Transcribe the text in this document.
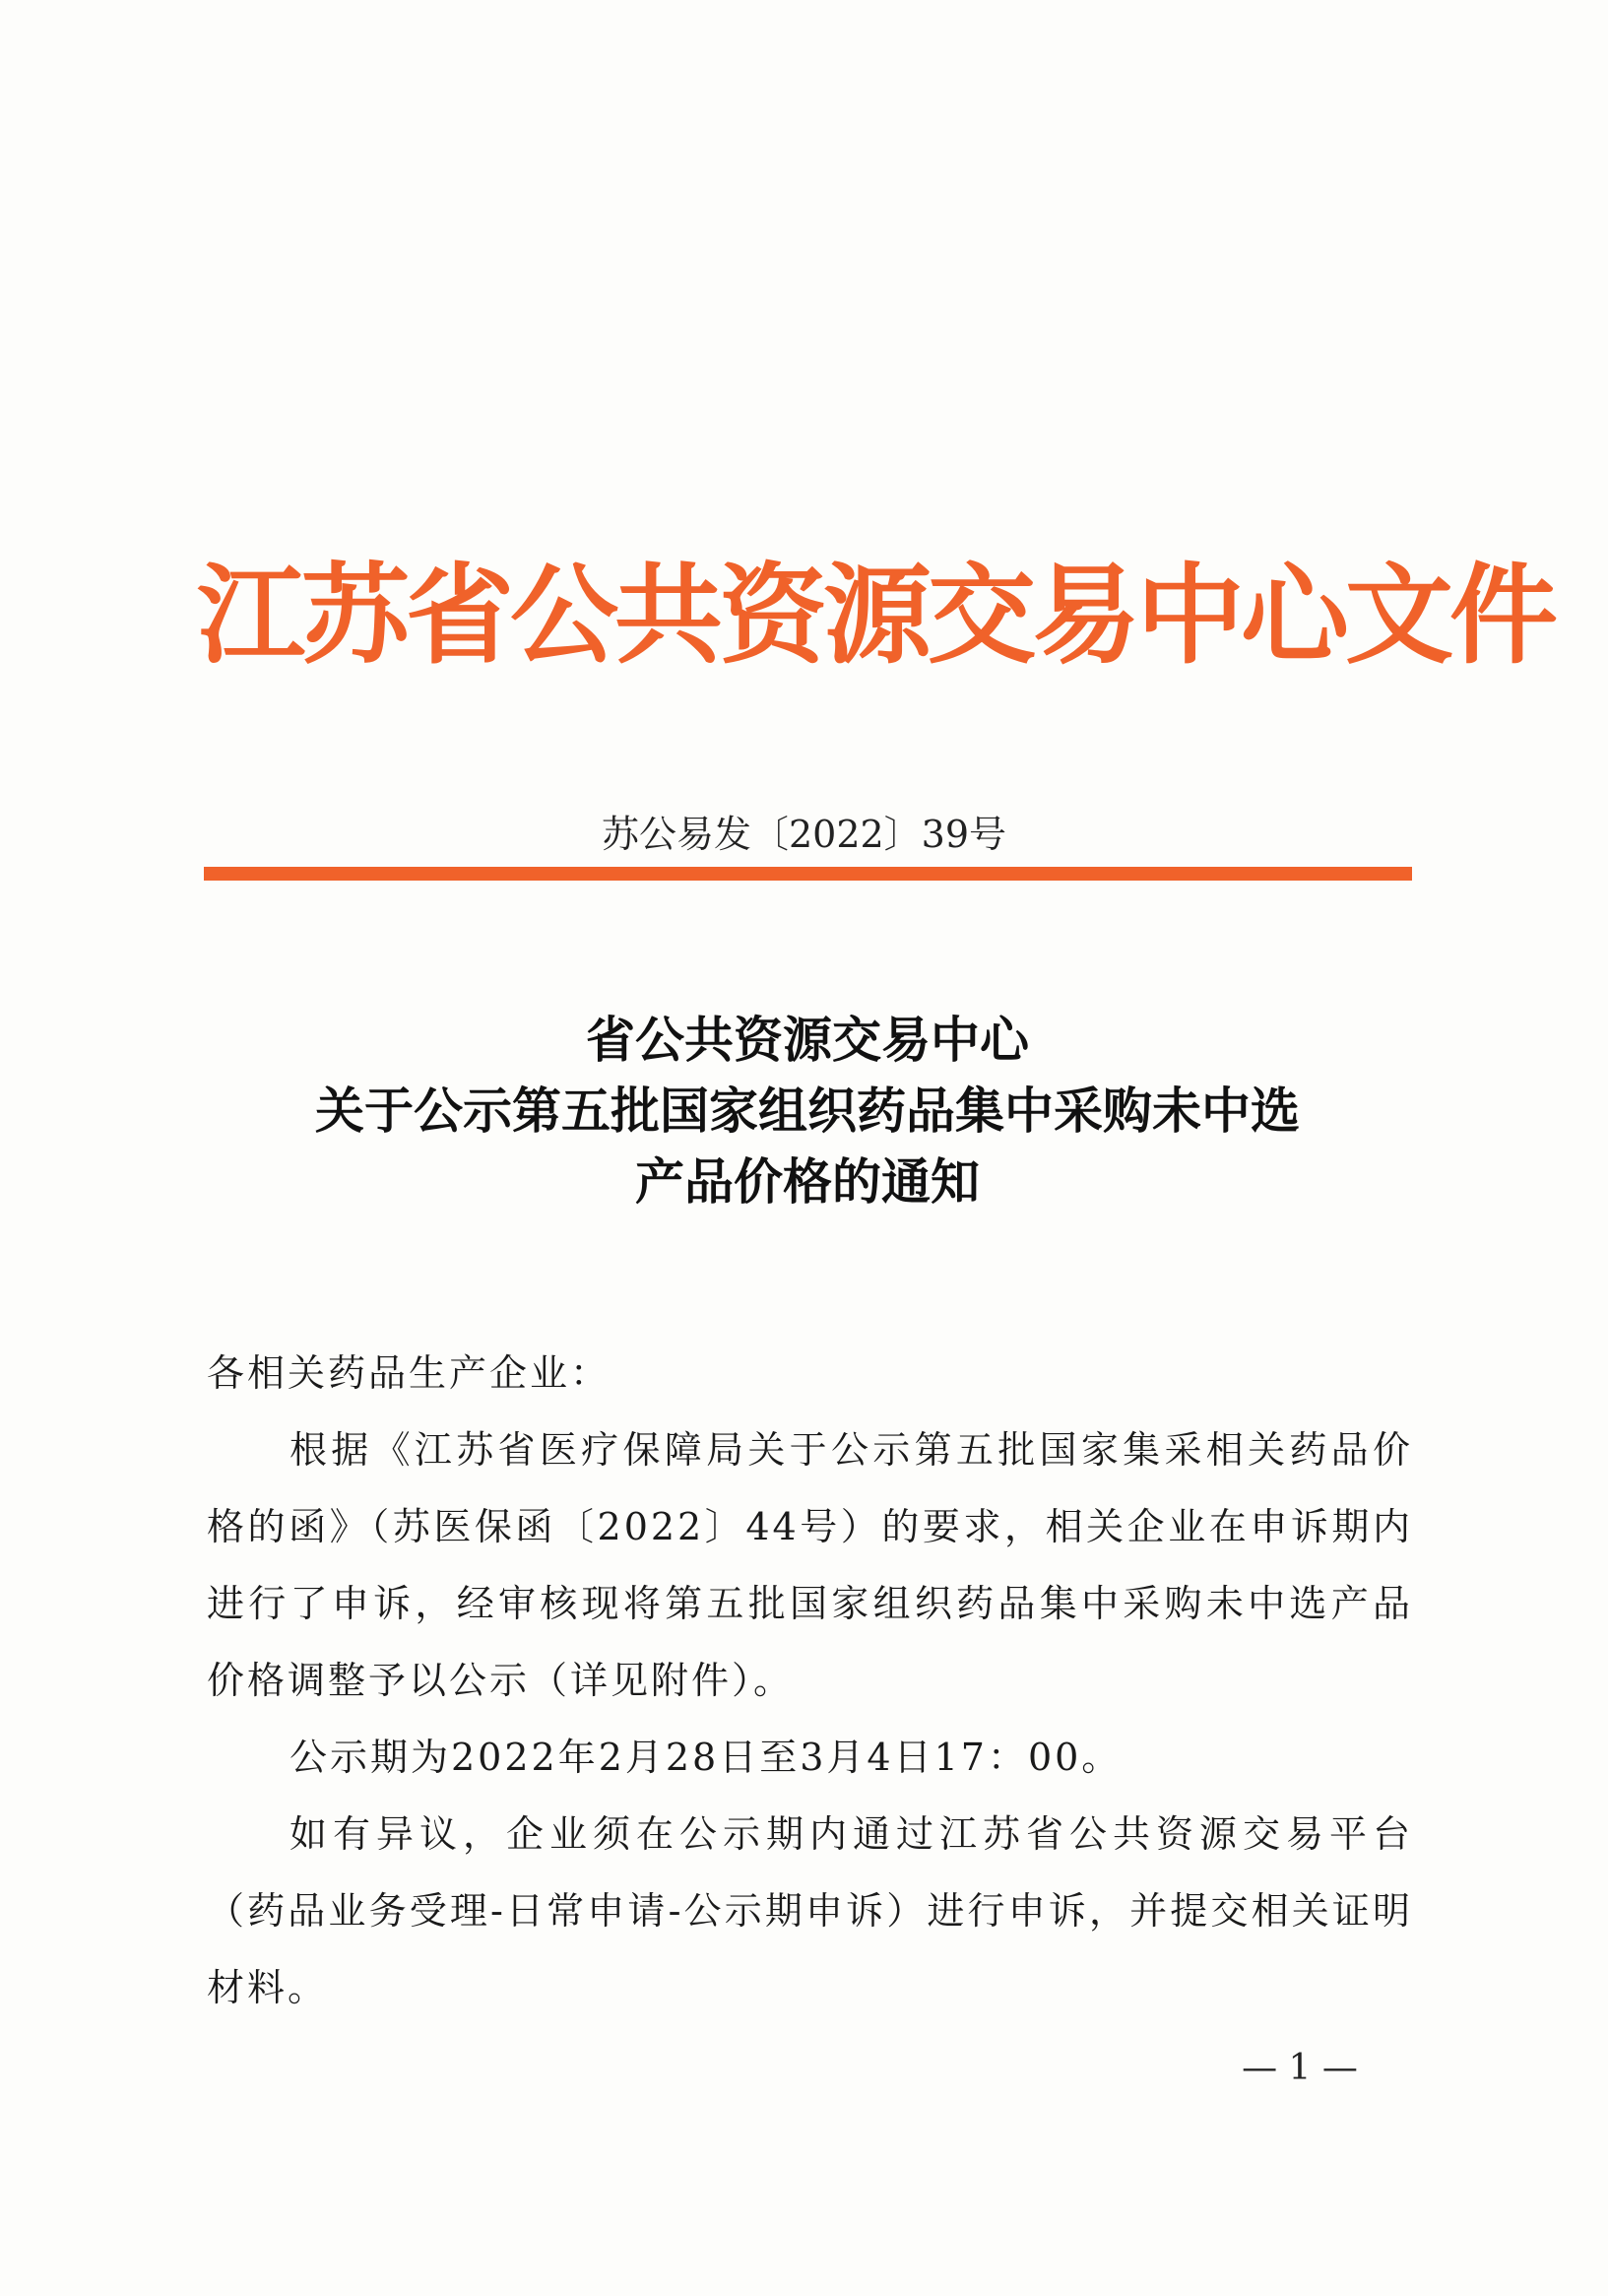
江苏省公共资源交易中心文件
苏公易发〔2022〕39号
省公共资源交易中心
关于公示第五批国家组织药品集中采购未中选
产品价格的通知

各相关药品生产企业：

根据《江苏省医疗保障局关于公示第五批国家集采相关药品价格的函》（苏医保函〔2022〕44号）的要求，相关企业在申诉期内进行了申诉，经审核现将第五批国家组织药品集中采购未中选产品价格调整予以公示（详见附件）。

公示期为2022年2月28日至3月4日17：00。

如有异议，企业须在公示期内通过江苏省公共资源交易平台（药品业务受理-日常申请-公示期申诉）进行申诉，并提交相关证明材料。

— 1 —
